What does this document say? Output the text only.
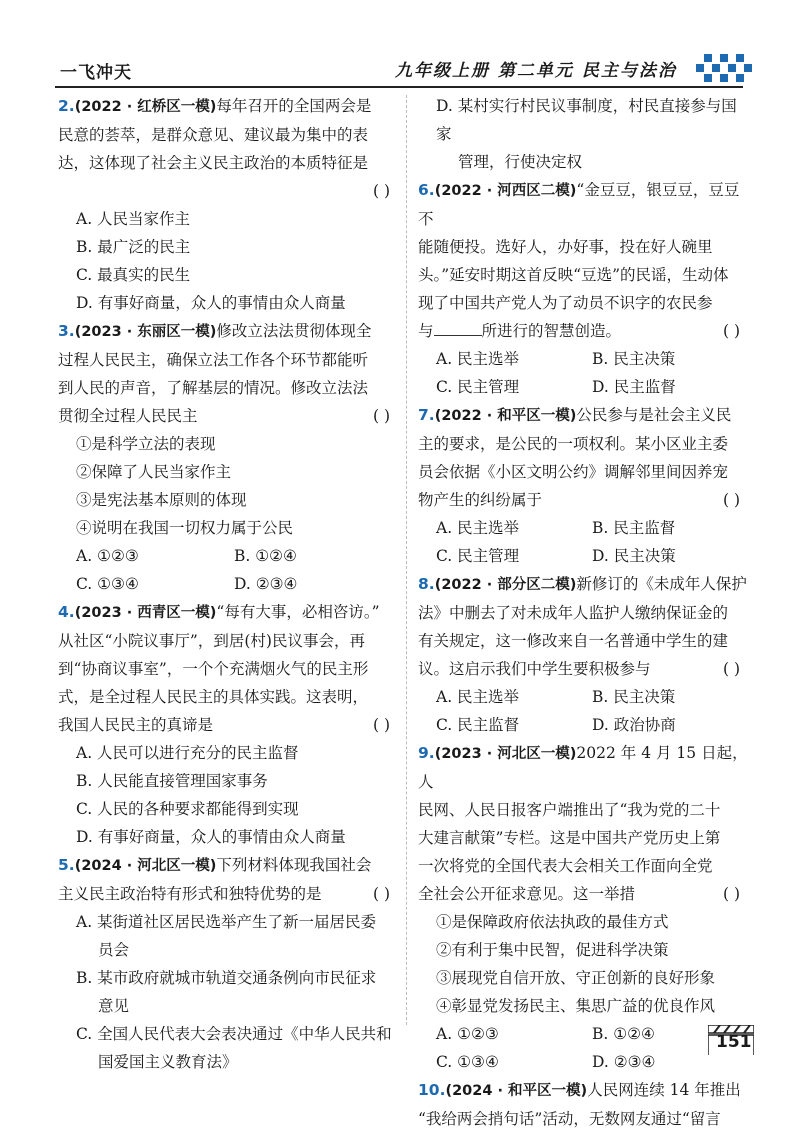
一飞冲天	九年级上册 第二单元 民主与法治
2.(2022 · 红桥区一模)每年召开的全国两会是
民意的荟萃，是群众意见、建议最为集中的表
达，这体现了社会主义民主政治的本质特征是
( )
A. 人民当家作主
B. 最广泛的民主
C. 最真实的民生
D. 有事好商量，众人的事情由众人商量
3.(2023 · 东丽区一模)修改立法法贯彻体现全
过程人民民主，确保立法工作各个环节都能听
到人民的声音，了解基层的情况。修改立法法
贯彻全过程人民民主	( )
①是科学立法的表现
②保障了人民当家作主
③是宪法基本原则的体现
④说明在我国一切权力属于公民
A. ①②③	B. ①②④
C. ①③④	D. ②③④
4.(2023 · 西青区一模)“每有大事，必相咨访。”
从社区“小院议事厅”，到居(村)民议事会，再
到“协商议事室”，一个个充满烟火气的民主形
式，是全过程人民民主的具体实践。这表明，
我国人民民主的真谛是	( )
A. 人民可以进行充分的民主监督
B. 人民能直接管理国家事务
C. 人民的各种要求都能得到实现
D. 有事好商量，众人的事情由众人商量
5.(2024 · 河北区一模)下列材料体现我国社会
主义民主政治特有形式和独特优势的是	( )
A. 某街道社区居民选举产生了新一届居民委
员会
B. 某市政府就城市轨道交通条例向市民征求
意见
C. 全国人民代表大会表决通过《中华人民共和
国爱国主义教育法》
D. 某村实行村民议事制度，村民直接参与国家
管理，行使决定权
6.(2022 · 河西区二模)“金豆豆，银豆豆，豆豆不
能随便投。选好人，办好事，投在好人碗里
头。”延安时期这首反映“豆选”的民谣，生动体
现了中国共产党人为了动员不识字的农民参
与	所进行的智慧创造。	( )
A. 民主选举	B. 民主决策
C. 民主管理	D. 民主监督
7.(2022 · 和平区一模)公民参与是社会主义民
主的要求，是公民的一项权利。某小区业主委
员会依据《小区文明公约》调解邻里间因养宠
物产生的纠纷属于	( )
A. 民主选举	B. 民主监督
C. 民主管理	D. 民主决策
8.(2022 · 部分区二模)新修订的《未成年人保护
法》中删去了对未成年人监护人缴纳保证金的
有关规定，这一修改来自一名普通中学生的建
议。这启示我们中学生要积极参与	( )
A. 民主选举	B. 民主决策
C. 民主监督	D. 政治协商
9.(2023 · 河北区一模)2022 年 4 月 15 日起，人
民网、人民日报客户端推出了“我为党的二十
大建言献策”专栏。这是中国共产党历史上第
一次将党的全国代表大会相关工作面向全党
全社会公开征求意见。这一举措	( )
①是保障政府依法执政的最佳方式
②有利于集中民智，促进科学决策
③展现党自信开放、守正创新的良好形象
④彰显党发扬民主、集思广益的优良作风
A. ①②③	B. ①②④
C. ①③④	D. ②③④
10.(2024 · 和平区一模)人民网连续 14 年推出
“我给两会捎句话”活动，无数网友通过“留言
151
